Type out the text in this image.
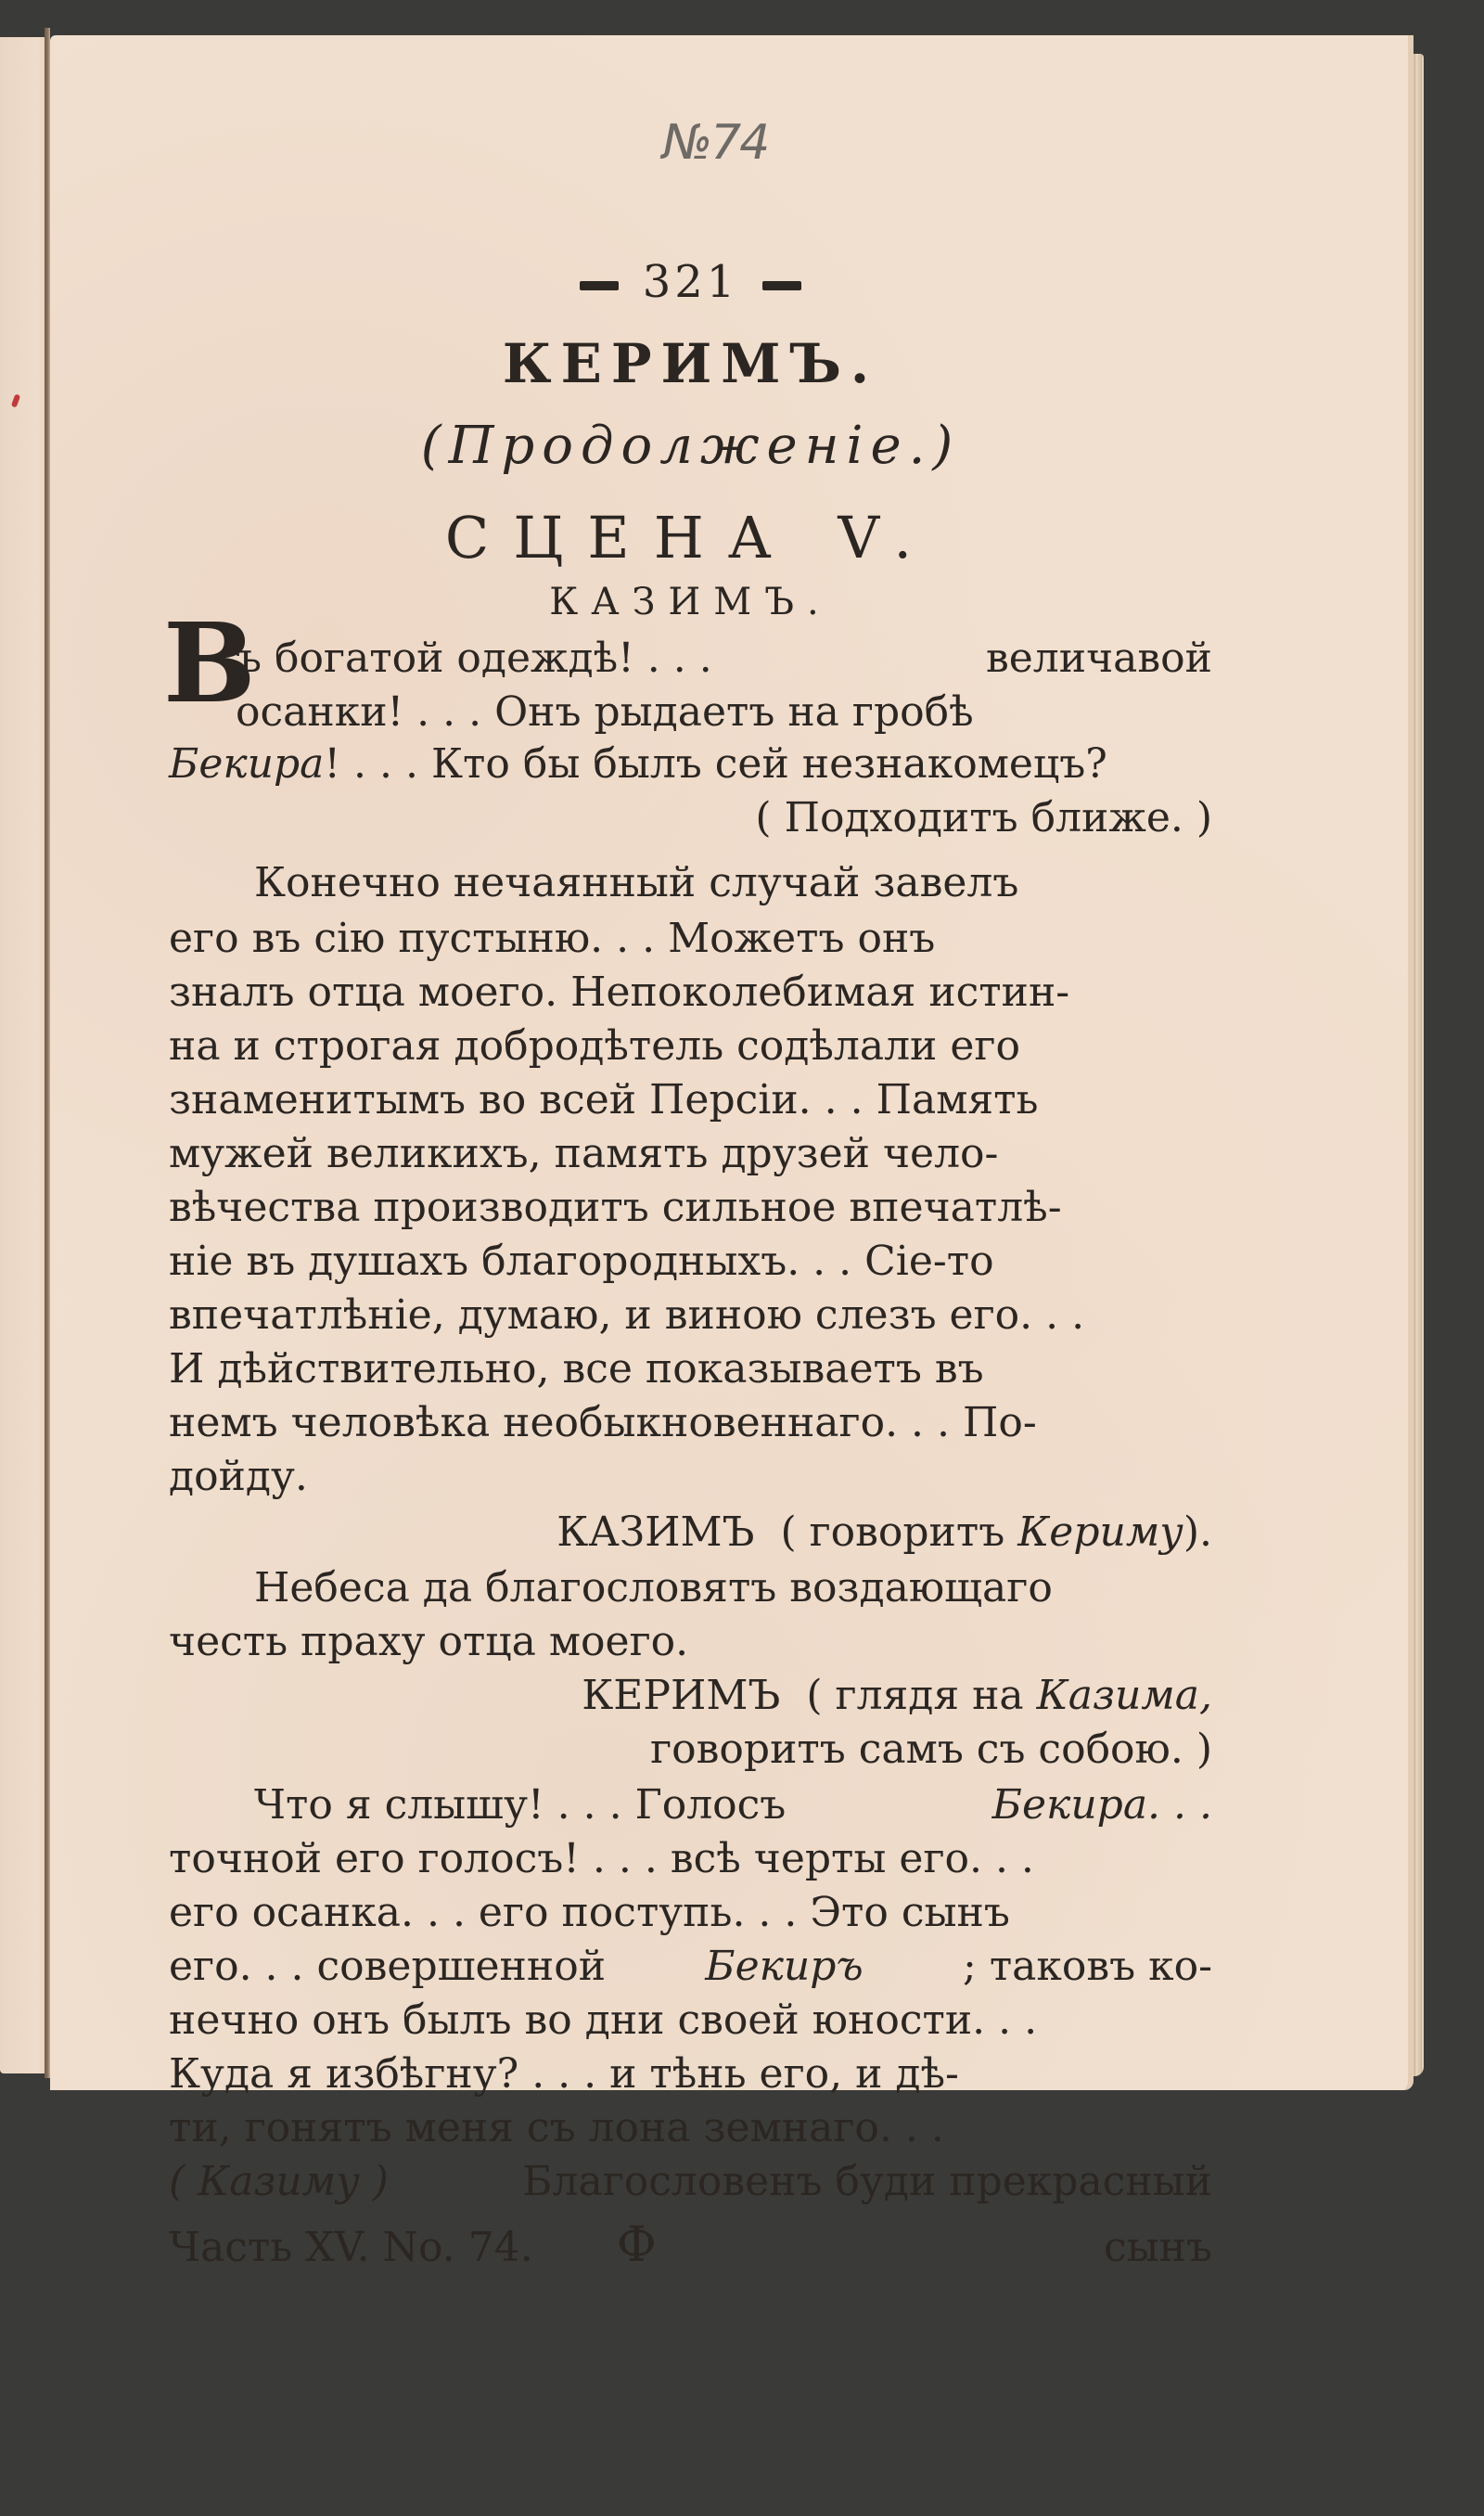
№74
321
КЕРИМЪ.
(Продолженіе.)
СЦЕНА V.
КАЗИМЪ.
В
ъ богатой одеждѣ! . . .	величавой
осанки! . . . Онъ рыдаетъ на гробѣ
Бекира ! . . . Кто бы былъ сей незнакомецъ?
( Подходитъ ближе. )
Конечно нечаянный случай завелъ
его въ сію пустыню. . . Можетъ онъ
зналъ отца моего. Непоколебимая истин-
на и строгая добродѣтель содѣлали его
знаменитымъ во всей Персіи. . . Память
мужей великихъ, память друзей чело-
вѣчества производитъ сильное впечатлѣ-
ніе въ душахъ благородныхъ. . . Сіе-то
впечатлѣніе, думаю, и виною слезъ его. . .
И дѣйствительно, все показываетъ въ
немъ человѣка необыкновеннаго. . . По-
дойду.
КАЗИМЪ
( говоритъ
Кериму ).
Небеса да благословятъ воздающаго
честь праху отца моего.
КЕРИМЪ
( глядя на
Казима,
говоритъ самъ съ собою. )
Что я слышу! . . . Голосъ	Бекира. . .
точной его голосъ! . . . всѣ черты его. . .
его осанка. . . его поступь. . . Это сынъ
его. . . совершенной Бекиръ ; таковъ ко-
нечно онъ былъ во дни своей юности. . .
Куда я избѣгну? . . . и тѣнь его, и дѣ-
ти, гонятъ меня съ лона земнаго. . .
( Казиму )	Благословенъ буди прекрасный
Часть XV. No. 74. Ф	сынъ
